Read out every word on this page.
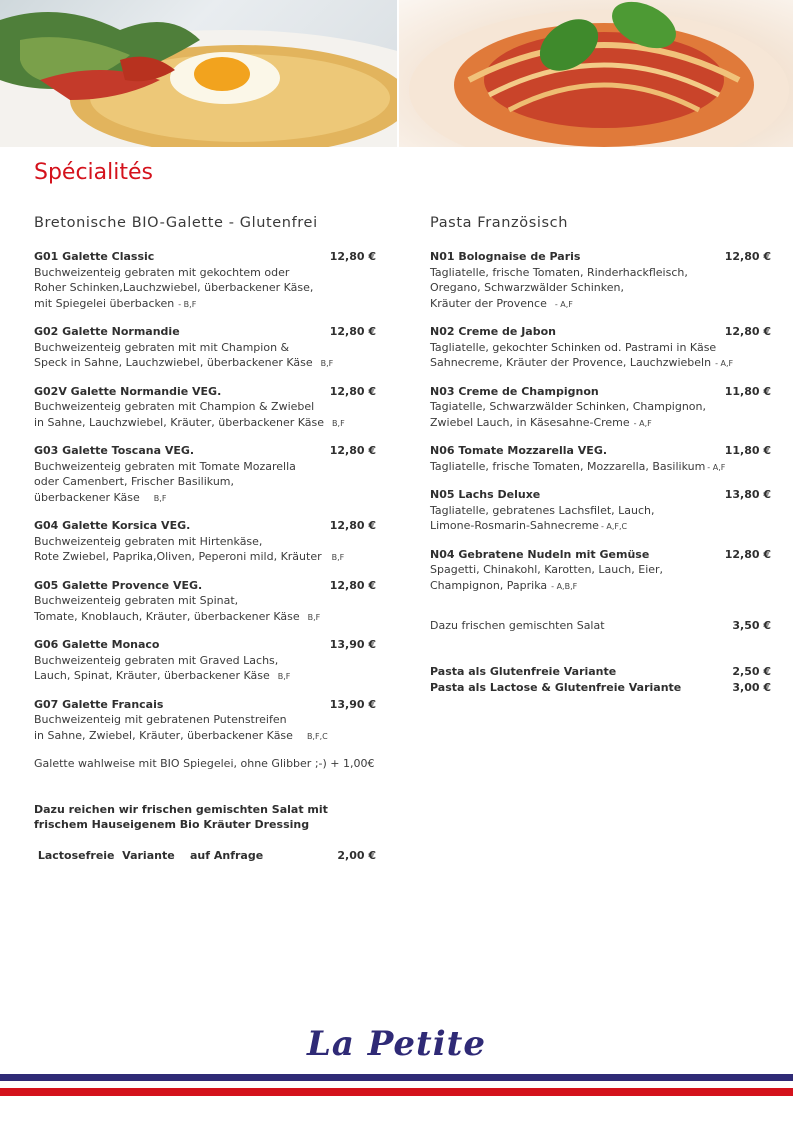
Spécialités
Bretonische BIO-Galette - Glutenfrei	Pasta Französisch
G01 Galette Classic	12,80 €
Buchweizenteig gebraten mit gekochtem oder
Roher Schinken,Lauchzwiebel, überbackener Käse,
mit Spiegelei überbacken - B,F
G02 Galette Normandie	12,80 €
Buchweizenteig gebraten mit mit Champion &
Speck in Sahne, Lauchzwiebel, überbackener Käse B,F
G02V Galette Normandie VEG.	12,80 €
Buchweizenteig gebraten mit Champion & Zwiebel
in Sahne, Lauchzwiebel, Kräuter, überbackener Käse B,F
G03 Galette Toscana VEG.	12,80 €
Buchweizenteig gebraten mit Tomate Mozarella
oder Camenbert, Frischer Basilikum,
überbackener Käse B,F
G04 Galette Korsica VEG.	12,80 €
Buchweizenteig gebraten mit Hirtenkäse,
Rote Zwiebel, Paprika,Oliven, Peperoni mild, Kräuter B,F
G05 Galette Provence VEG.	12,80 €
Buchweizenteig gebraten mit Spinat,
Tomate, Knoblauch, Kräuter, überbackener Käse B,F
G06 Galette Monaco	13,90 €
Buchweizenteig gebraten mit Graved Lachs,
Lauch, Spinat, Kräuter, überbackener Käse B,F
G07 Galette Francais	13,90 €
Buchweizenteig mit gebratenen Putenstreifen
in Sahne, Zwiebel, Kräuter, überbackener Käse B,F,C
Galette wahlweise mit BIO Spiegelei, ohne Glibber ;-) + 1,00€
Dazu reichen wir frischen gemischten Salat mit
frischem Hauseigenem Bio Kräuter Dressing
Lactosefreie  Variante    auf Anfrage	2,00 €
N01 Bolognaise de Paris	12,80 €
Tagliatelle, frische Tomaten, Rinderhackfleisch,
Oregano, Schwarzwälder Schinken,
Kräuter der Provence - A,F
N02 Creme de Jabon	12,80 €
Tagliatelle, gekochter Schinken od. Pastrami in Käse
Sahnecreme, Kräuter der Provence, Lauchzwiebeln - A,F
N03 Creme de Champignon	11,80 €
Tagiatelle, Schwarzwälder Schinken, Champignon,
Zwiebel Lauch, in Käsesahne-Creme - A,F
N06 Tomate Mozzarella VEG.	11,80 €
Tagliatelle, frische Tomaten, Mozzarella, Basilikum - A,F
N05 Lachs Deluxe	13,80 €
Tagliatelle, gebratenes Lachsfilet, Lauch,
Limone-Rosmarin-Sahnecreme - A,F,C
N04 Gebratene Nudeln mit Gemüse	12,80 €
Spagetti, Chinakohl, Karotten, Lauch, Eier,
Champignon, Paprika - A,B,F
Dazu frischen gemischten Salat	3,50 €
Pasta als Glutenfreie Variante	2,50 €
Pasta als Lactose & Glutenfreie Variante	3,00 €
La Petite
